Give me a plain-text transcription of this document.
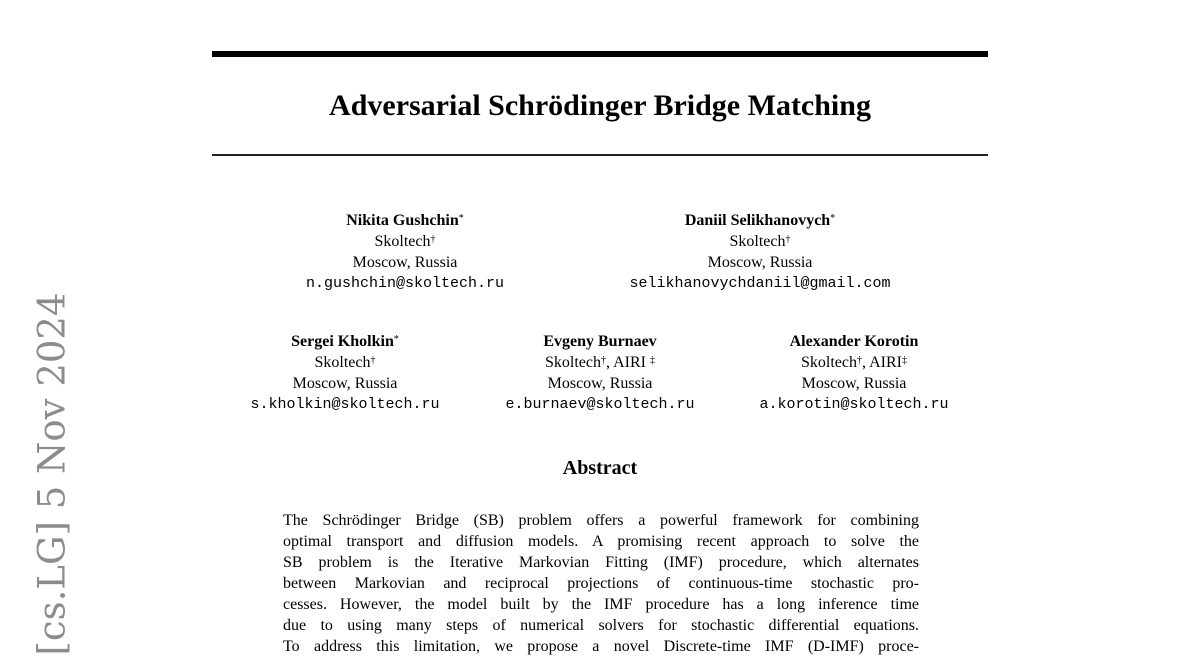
[cs.LG] 5 Nov 2024
Adversarial Schrödinger Bridge Matching
Nikita Gushchin*
Skoltech†
Moscow, Russia
n.gushchin@skoltech.ru
Daniil Selikhanovych*
Skoltech†
Moscow, Russia
selikhanovychdaniil@gmail.com
Sergei Kholkin*
Skoltech†
Moscow, Russia
s.kholkin@skoltech.ru
Evgeny Burnaev
Skoltech†, AIRI ‡
Moscow, Russia
e.burnaev@skoltech.ru
Alexander Korotin
Skoltech†, AIRI‡
Moscow, Russia
a.korotin@skoltech.ru
Abstract
The Schrödinger Bridge (SB) problem offers a powerful framework for combining
optimal transport and diffusion models. A promising recent approach to solve the
SB problem is the Iterative Markovian Fitting (IMF) procedure, which alternates
between Markovian and reciprocal projections of continuous-time stochastic pro-
cesses. However, the model built by the IMF procedure has a long inference time
due to using many steps of numerical solvers for stochastic differential equations.
To address this limitation, we propose a novel Discrete-time IMF (D-IMF) proce-
